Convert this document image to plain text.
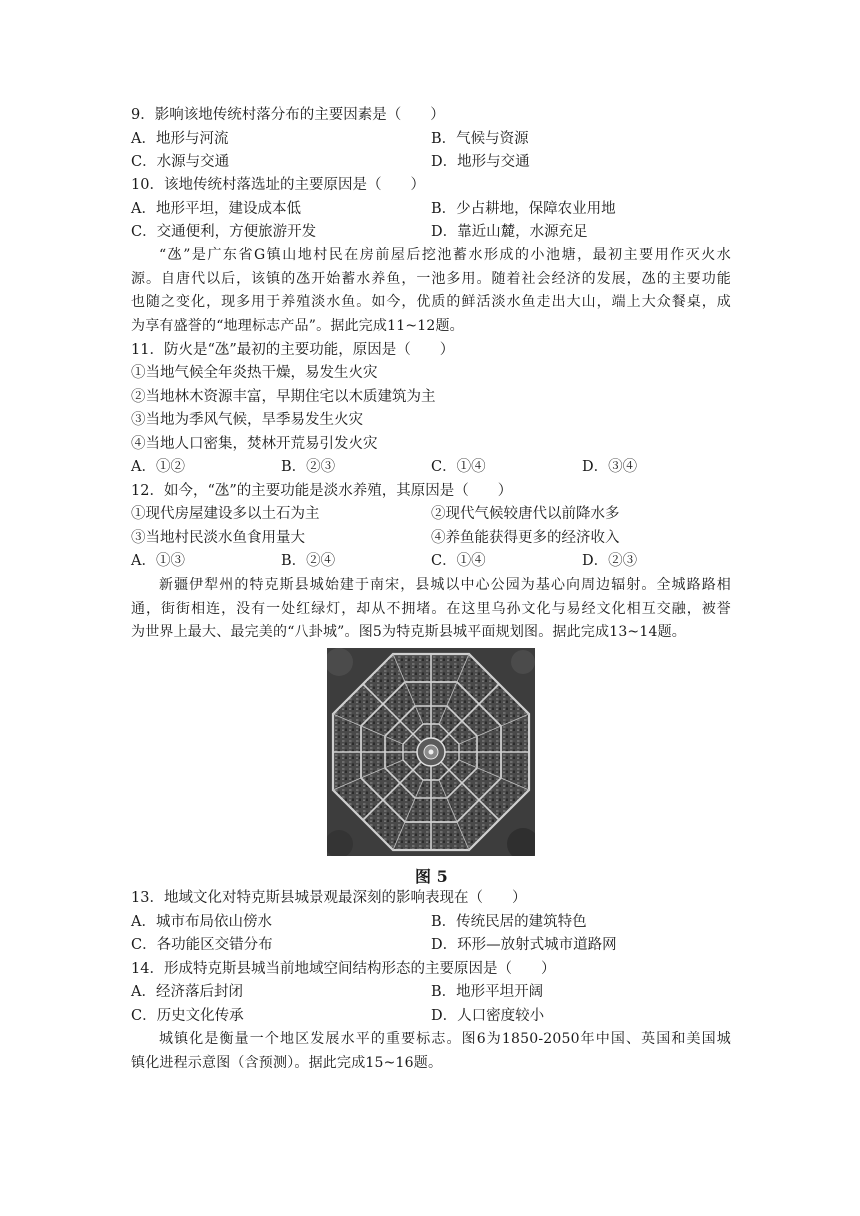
9．影响该地传统村落分布的主要因素是（　　）
A．地形与河流	B．气候与资源
C．水源与交通	D．地形与交通
10．该地传统村落选址的主要原因是（　　）
A．地形平坦，建设成本低	B．少占耕地，保障农业用地
C．交通便利，方便旅游开发	D．靠近山麓，水源充足
“氹”是广东省G镇山地村民在房前屋后挖池蓄水形成的小池塘，最初主要用作灭火水
源。自唐代以后，该镇的氹开始蓄水养鱼，一池多用。随着社会经济的发展，氹的主要功能
也随之变化，现多用于养殖淡水鱼。如今，优质的鲜活淡水鱼走出大山，端上大众餐桌，成
为享有盛誉的“地理标志产品”。据此完成11~12题。
11．防火是“氹”最初的主要功能，原因是（　　）
①当地气候全年炎热干燥，易发生火灾
②当地林木资源丰富，早期住宅以木质建筑为主
③当地为季风气候，旱季易发生火灾
④当地人口密集，焚林开荒易引发火灾
A．①②	B．②③	C．①④	D．③④
12．如今，“氹”的主要功能是淡水养殖，其原因是（　　）
①现代房屋建设多以土石为主	②现代气候较唐代以前降水多
③当地村民淡水鱼食用量大	④养鱼能获得更多的经济收入
A．①③	B．②④	C．①④	D．②③
新疆伊犁州的特克斯县城始建于南宋，县城以中心公园为基心向周边辐射。全城路路相
通，街街相连，没有一处红绿灯，却从不拥堵。在这里乌孙文化与易经文化相互交融，被誉
为世界上最大、最完美的“八卦城”。图5为特克斯县城平面规划图。据此完成13~14题。
图 5
13．地域文化对特克斯县城景观最深刻的影响表现在（　　）
A．城市布局依山傍水	B．传统民居的建筑特色
C．各功能区交错分布	D．环形—放射式城市道路网
14．形成特克斯县城当前地域空间结构形态的主要原因是（　　）
A．经济落后封闭	B．地形平坦开阔
C．历史文化传承	D．人口密度较小
城镇化是衡量一个地区发展水平的重要标志。图6为1850-2050年中国、英国和美国城
镇化进程示意图（含预测）。据此完成15~16题。
